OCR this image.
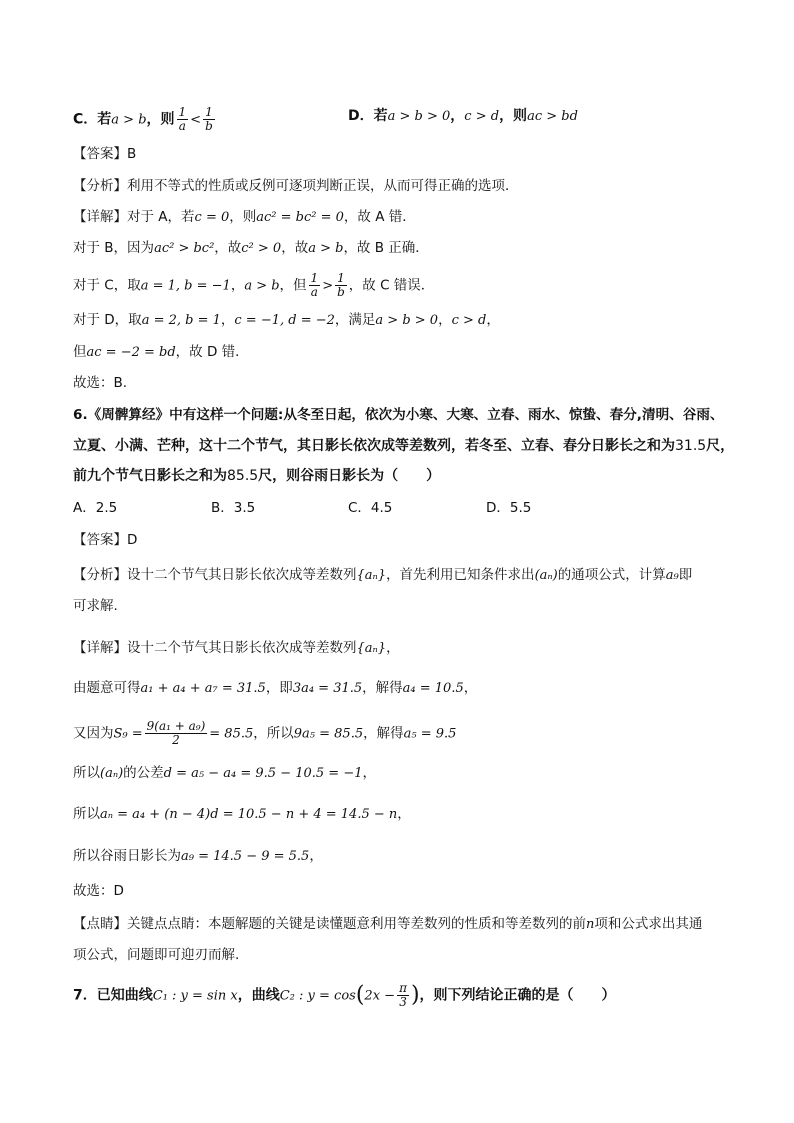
C．若a > b，则 $\frac{1}{a} < \frac{1}{b}$	D．若a > b > 0，c > d，则ac > bd
【答案】B
【分析】利用不等式的性质或反例可逐项判断正误，从而可得正确的选项．
【详解】对于 A，若c = 0，则ac² = bc² = 0，故 A 错．
对于 B，因为ac² > bc²，故c² > 0，故a > b，故 B 正确．
对于 C，取a = 1, b = −1，a > b，但 $\frac{1}{a} > \frac{1}{b}$ ，故 C 错误．
对于 D，取a = 2, b = 1，c = −1, d = −2，满足a > b > 0，c > d，
但ac = −2 = bd，故 D 错．
故选：B.
6.《周髀算经》中有这样一个问题:从冬至日起，依次为小寒、大寒、立春、雨水、惊蛰、春分,清明、谷雨、
立夏、小满、芒种，这十二个节气，其日影长依次成等差数列，若冬至、立春、春分日影长之和为31.5尺，
前九个节气日影长之和为85.5尺，则谷雨日影长为（　　）
A．2.5	B．3.5	C．4.5	D．5.5
【答案】D
【分析】设十二个节气其日影长依次成等差数列{aₙ}，首先利用已知条件求出(aₙ)的通项公式，计算a₉即
可求解.
【详解】设十二个节气其日影长依次成等差数列{aₙ}，
由题意可得a₁ + a₄ + a₇ = 31.5，即3a₄ = 31.5，解得a₄ = 10.5，
又因为$S_9 = \frac{\text{9(a₁ + a₉)}}{2} = 85.5$，所以9a₅ = 85.5，解得a₅ = 9.5
所以(aₙ)的公差d = a₅ − a₄ = 9.5 − 10.5 = −1，
所以aₙ = a₄ + (n − 4)d = 10.5 − n + 4 = 14.5 − n，
所以谷雨日影长为a₉ = 14.5 − 9 = 5.5，
故选：D
【点睛】关键点点睛：本题解题的关键是读懂题意利用等差数列的性质和等差数列的前n项和公式求出其通
项公式，问题即可迎刃而解.
7．已知曲线C₁ : y = sin x，曲线C₂ : $y = \cos(2x - \frac{\pi}{3}$ )，则下列结论正确的是（　　）
